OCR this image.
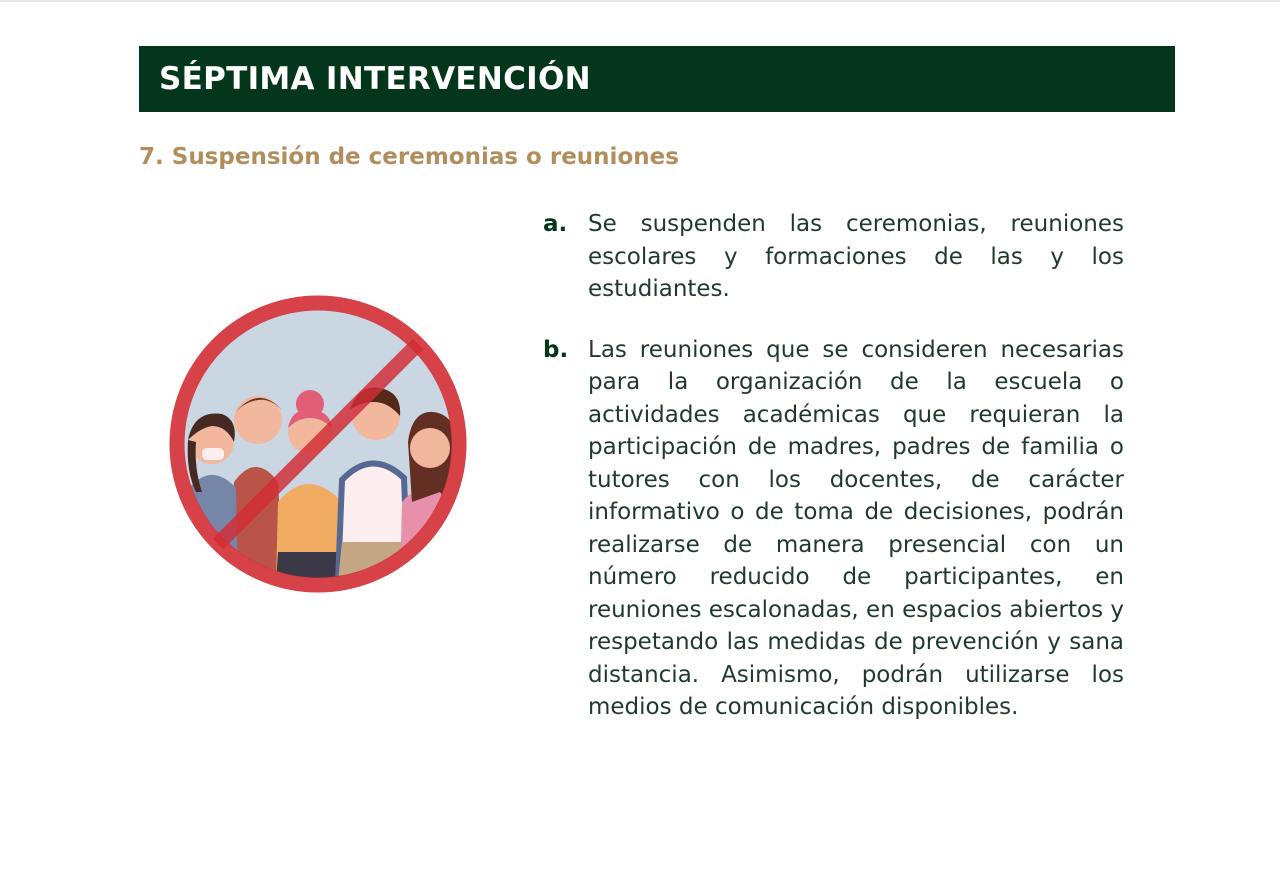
SÉPTIMA INTERVENCIÓN
7. Suspensión de ceremonias o reuniones
a. Se suspenden las ceremonias, reuniones escolares y formaciones de las y los estudiantes.
b. Las reuniones que se consideren necesarias para la organización de la escuela o actividades académicas que requieran la participación de madres, padres de familia o tutores con los docentes, de carácter informativo o de toma de decisiones, podrán realizarse de manera presencial con un número reducido de participantes, en reuniones escalonadas, en espacios abiertos y respetando las medidas de prevención y sana distancia. Asimismo, podrán utilizarse los medios de comunicación disponibles.
